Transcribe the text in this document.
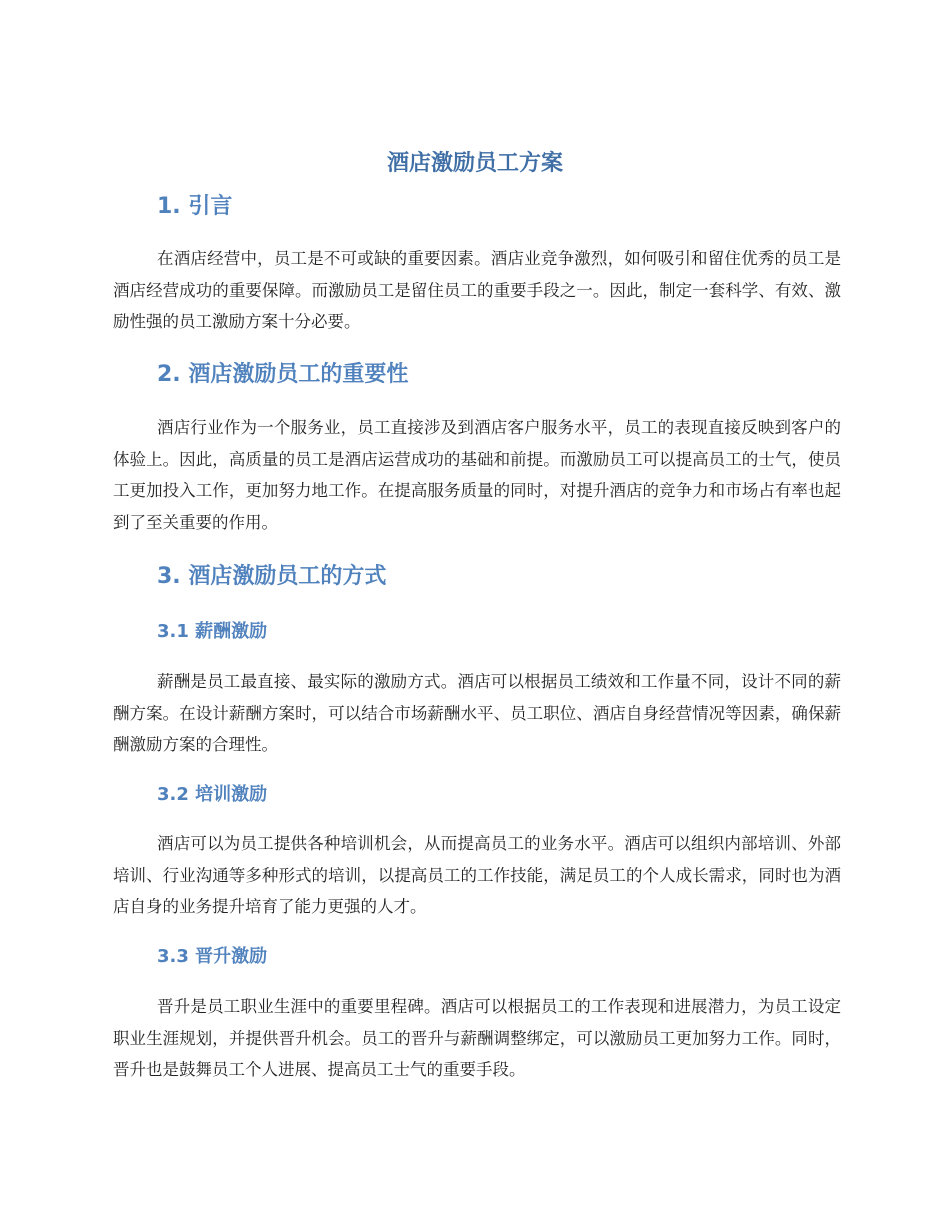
酒店激励员工方案
1. 引言

在酒店经营中，员工是不可或缺的重要因素。酒店业竞争激烈，如何吸引和留住优秀的员工是酒店经营成功的重要保障。而激励员工是留住员工的重要手段之一。因此，制定一套科学、有效、激励性强的员工激励方案十分必要。

2. 酒店激励员工的重要性

酒店行业作为一个服务业，员工直接涉及到酒店客户服务水平，员工的表现直接反映到客户的体验上。因此，高质量的员工是酒店运营成功的基础和前提。而激励员工可以提高员工的士气，使员工更加投入工作，更加努力地工作。在提高服务质量的同时，对提升酒店的竞争力和市场占有率也起到了至关重要的作用。

3. 酒店激励员工的方式
3.1 薪酬激励

薪酬是员工最直接、最实际的激励方式。酒店可以根据员工绩效和工作量不同，设计不同的薪酬方案。在设计薪酬方案时，可以结合市场薪酬水平、员工职位、酒店自身经营情况等因素，确保薪酬激励方案的合理性。

3.2 培训激励

酒店可以为员工提供各种培训机会，从而提高员工的业务水平。酒店可以组织内部培训、外部培训、行业沟通等多种形式的培训，以提高员工的工作技能，满足员工的个人成长需求，同时也为酒店自身的业务提升培育了能力更强的人才。

3.3 晋升激励

晋升是员工职业生涯中的重要里程碑。酒店可以根据员工的工作表现和进展潜力，为员工设定职业生涯规划，并提供晋升机会。员工的晋升与薪酬调整绑定，可以激励员工更加努力工作。同时，晋升也是鼓舞员工个人进展、提高员工士气的重要手段。
